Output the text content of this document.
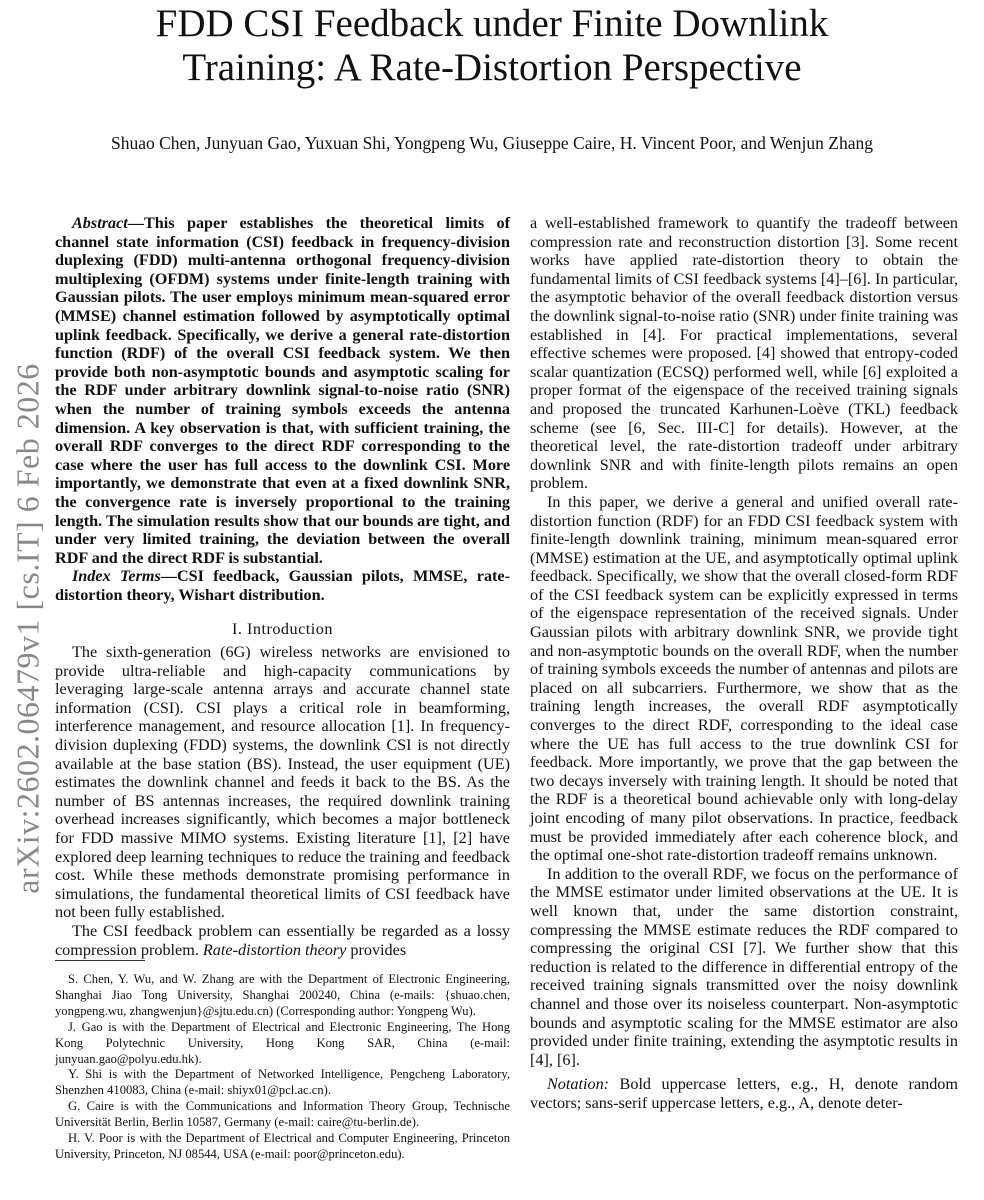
FDD CSI Feedback under Finite Downlink
Training: A Rate-Distortion Perspective
Shuao Chen, Junyuan Gao, Yuxuan Shi, Yongpeng Wu, Giuseppe Caire, H. Vincent Poor, and Wenjun Zhang
arXiv:2602.06479v1 [cs.IT] 6 Feb 2026

Abstract—This paper establishes the theoretical limits of channel state information (CSI) feedback in frequency-division duplexing (FDD) multi-antenna orthogonal frequency-division multiplexing (OFDM) systems under finite-length training with Gaussian pilots. The user employs minimum mean-squared error (MMSE) channel estimation followed by asymptotically optimal uplink feedback. Specifically, we derive a general rate-distortion function (RDF) of the overall CSI feedback system. We then provide both non-asymptotic bounds and asymptotic scaling for the RDF under arbitrary downlink signal-to-noise ratio (SNR) when the number of training symbols exceeds the antenna dimension. A key observation is that, with sufficient training, the overall RDF converges to the direct RDF corresponding to the case where the user has full access to the downlink CSI. More importantly, we demonstrate that even at a fixed downlink SNR, the convergence rate is inversely proportional to the training length. The simulation results show that our bounds are tight, and under very limited training, the deviation between the overall RDF and the direct RDF is substantial.

Index Terms—CSI feedback, Gaussian pilots, MMSE, rate-distortion theory, Wishart distribution.

I. Introduction

The sixth-generation (6G) wireless networks are envisioned to provide ultra-reliable and high-capacity communications by leveraging large-scale antenna arrays and accurate channel state information (CSI). CSI plays a critical role in beamforming, interference management, and resource allocation [1]. In frequency-division duplexing (FDD) systems, the downlink CSI is not directly available at the base station (BS). Instead, the user equipment (UE) estimates the downlink channel and feeds it back to the BS. As the number of BS antennas increases, the required downlink training overhead increases significantly, which becomes a major bottleneck for FDD massive MIMO systems. Existing literature [1], [2] have explored deep learning techniques to reduce the training and feedback cost. While these methods demonstrate promising performance in simulations, the fundamental theoretical limits of CSI feedback have not been fully established.

The CSI feedback problem can essentially be regarded as a lossy compression problem. Rate-distortion theory provides

S. Chen, Y. Wu, and W. Zhang are with the Department of Electronic Engineering, Shanghai Jiao Tong University, Shanghai 200240, China (e-mails: {shuao.chen, yongpeng.wu, zhangwenjun}@sjtu.edu.cn) (Corresponding author: Yongpeng Wu).

J. Gao is with the Department of Electrical and Electronic Engineering, The Hong Kong Polytechnic University, Hong Kong SAR, China (e-mail: junyuan.gao@polyu.edu.hk).

Y. Shi is with the Department of Networked Intelligence, Pengcheng Laboratory, Shenzhen 410083, China (e-mail: shiyx01@pcl.ac.cn).

G. Caire is with the Communications and Information Theory Group, Technische Universität Berlin, Berlin 10587, Germany (e-mail: caire@tu-berlin.de).

H. V. Poor is with the Department of Electrical and Computer Engineering, Princeton University, Princeton, NJ 08544, USA (e-mail: poor@princeton.edu).

a well-established framework to quantify the tradeoff between compression rate and reconstruction distortion [3]. Some recent works have applied rate-distortion theory to obtain the fundamental limits of CSI feedback systems [4]–[6]. In particular, the asymptotic behavior of the overall feedback distortion versus the downlink signal-to-noise ratio (SNR) under finite training was established in [4]. For practical implementations, several effective schemes were proposed. [4] showed that entropy-coded scalar quantization (ECSQ) performed well, while [6] exploited a proper format of the eigenspace of the received training signals and proposed the truncated Karhunen-Loève (TKL) feedback scheme (see [6, Sec. III-C] for details). However, at the theoretical level, the rate-distortion tradeoff under arbitrary downlink SNR and with finite-length pilots remains an open problem.

In this paper, we derive a general and unified overall rate-distortion function (RDF) for an FDD CSI feedback system with finite-length downlink training, minimum mean-squared error (MMSE) estimation at the UE, and asymptotically optimal uplink feedback. Specifically, we show that the overall closed-form RDF of the CSI feedback system can be explicitly expressed in terms of the eigenspace representation of the received signals. Under Gaussian pilots with arbitrary downlink SNR, we provide tight and non-asymptotic bounds on the overall RDF, when the number of training symbols exceeds the number of antennas and pilots are placed on all subcarriers. Furthermore, we show that as the training length increases, the overall RDF asymptotically converges to the direct RDF, corresponding to the ideal case where the UE has full access to the true downlink CSI for feedback. More importantly, we prove that the gap between the two decays inversely with training length. It should be noted that the RDF is a theoretical bound achievable only with long-delay joint encoding of many pilot observations. In practice, feedback must be provided immediately after each coherence block, and the optimal one-shot rate-distortion tradeoff remains unknown.

In addition to the overall RDF, we focus on the performance of the MMSE estimator under limited observations at the UE. It is well known that, under the same distortion constraint, compressing the MMSE estimate reduces the RDF compared to compressing the original CSI [7]. We further show that this reduction is related to the difference in differential entropy of the received training signals transmitted over the noisy downlink channel and those over its noiseless counterpart. Non-asymptotic bounds and asymptotic scaling for the MMSE estimator are also provided under finite training, extending the asymptotic results in [4], [6].

Notation: Bold uppercase letters, e.g., H, denote random vectors; sans-serif uppercase letters, e.g., A, denote deter-
